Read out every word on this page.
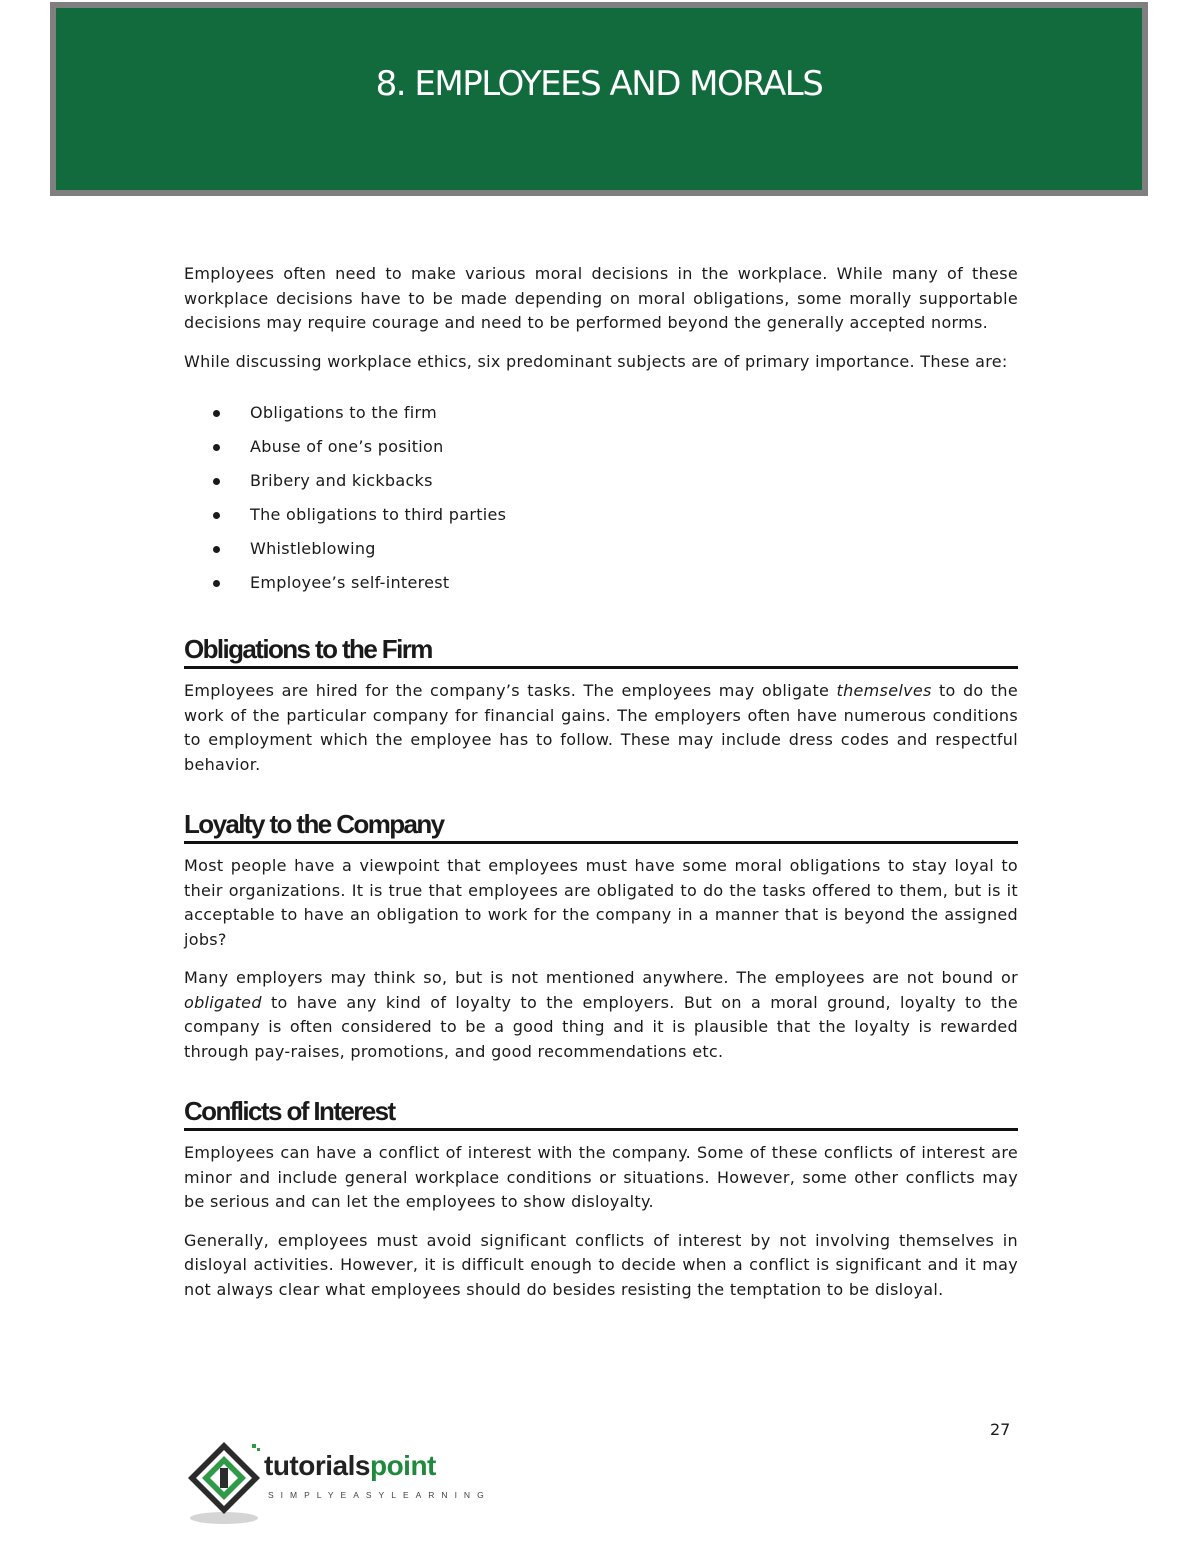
8. EMPLOYEES AND MORALS

Employees often need to make various moral decisions in the workplace. While many of these workplace decisions have to be made depending on moral obligations, some morally supportable decisions may require courage and need to be performed beyond the generally accepted norms.

While discussing workplace ethics, six predominant subjects are of primary importance. These are:

Obligations to the firm
Abuse of one’s position
Bribery and kickbacks
The obligations to third parties
Whistleblowing
Employee’s self-interest
Obligations to the Firm

Employees are hired for the company’s tasks. The employees may obligate themselves to do the work of the particular company for financial gains. The employers often have numerous conditions to employment which the employee has to follow. These may include dress codes and respectful behavior.

Loyalty to the Company

Most people have a viewpoint that employees must have some moral obligations to stay loyal to their organizations. It is true that employees are obligated to do the tasks offered to them, but is it acceptable to have an obligation to work for the company in a manner that is beyond the assigned jobs?

Many employers may think so, but is not mentioned anywhere. The employees are not bound or obligated to have any kind of loyalty to the employers. But on a moral ground, loyalty to the company is often considered to be a good thing and it is plausible that the loyalty is rewarded through pay-raises, promotions, and good recommendations etc.

Conflicts of Interest

Employees can have a conflict of interest with the company. Some of these conflicts of interest are minor and include general workplace conditions or situations. However, some other conflicts may be serious and can let the employees to show disloyalty.

Generally, employees must avoid significant conflicts of interest by not involving themselves in disloyal activities. However, it is difficult enough to decide when a conflict is significant and it may not always clear what employees should do besides resisting the temptation to be disloyal.

27
tutorialspoint
SIMPLYEASYLEARNING
